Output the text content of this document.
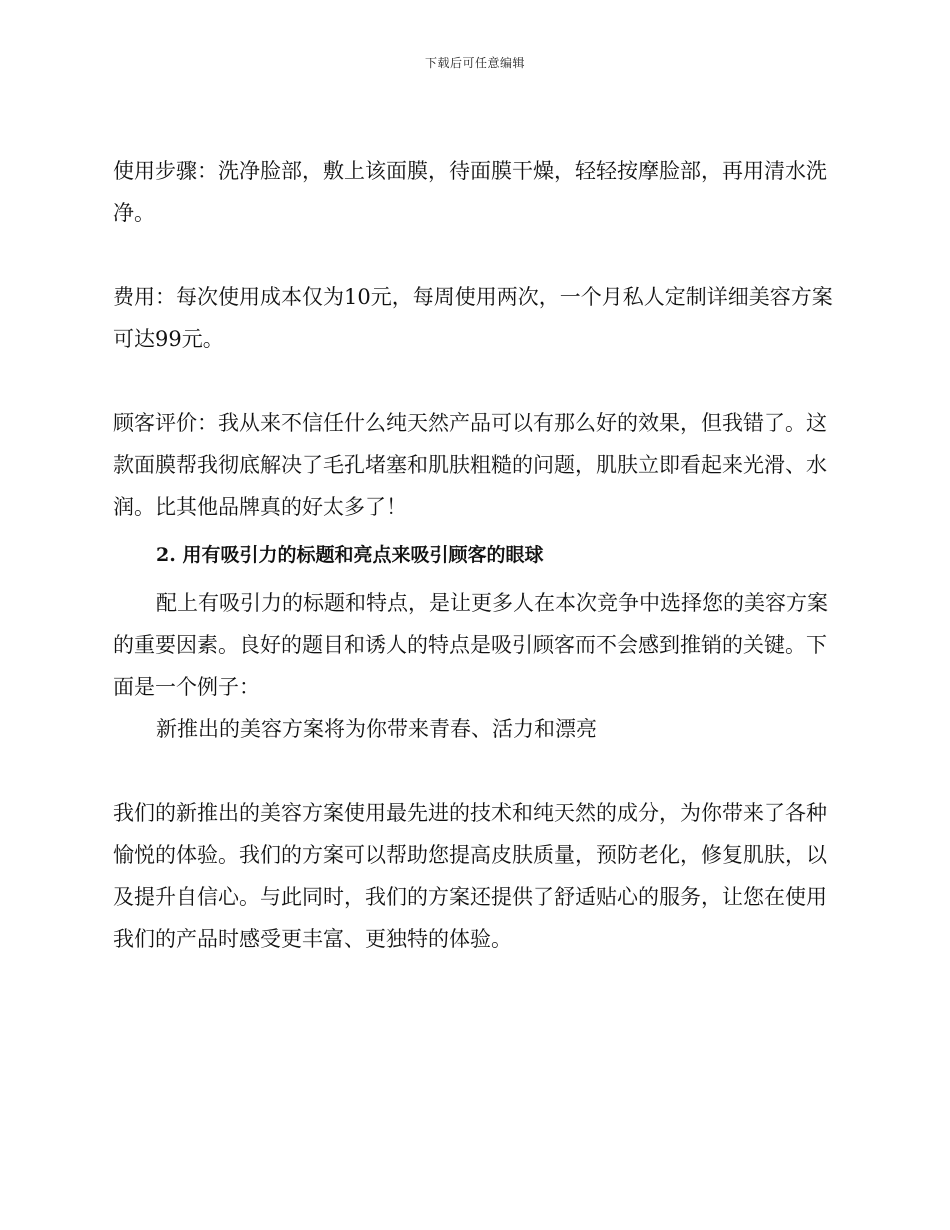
下载后可任意编辑

使用步骤：洗净脸部，敷上该面膜，待面膜干燥，轻轻按摩脸部，再用清水洗净。

费用：每次使用成本仅为10元，每周使用两次，一个月私人定制详细美容方案可达99元。

顾客评价：我从来不信任什么纯天然产品可以有那么好的效果，但我错了。这款面膜帮我彻底解决了毛孔堵塞和肌肤粗糙的问题，肌肤立即看起来光滑、水润。比其他品牌真的好太多了！

2. 用有吸引力的标题和亮点来吸引顾客的眼球

配上有吸引力的标题和特点，是让更多人在本次竞争中选择您的美容方案的重要因素。良好的题目和诱人的特点是吸引顾客而不会感到推销的关键。下面是一个例子：

新推出的美容方案将为你带来青春、活力和漂亮

我们的新推出的美容方案使用最先进的技术和纯天然的成分，为你带来了各种愉悦的体验。我们的方案可以帮助您提高皮肤质量，预防老化，修复肌肤，以及提升自信心。与此同时，我们的方案还提供了舒适贴心的服务，让您在使用我们的产品时感受更丰富、更独特的体验。
